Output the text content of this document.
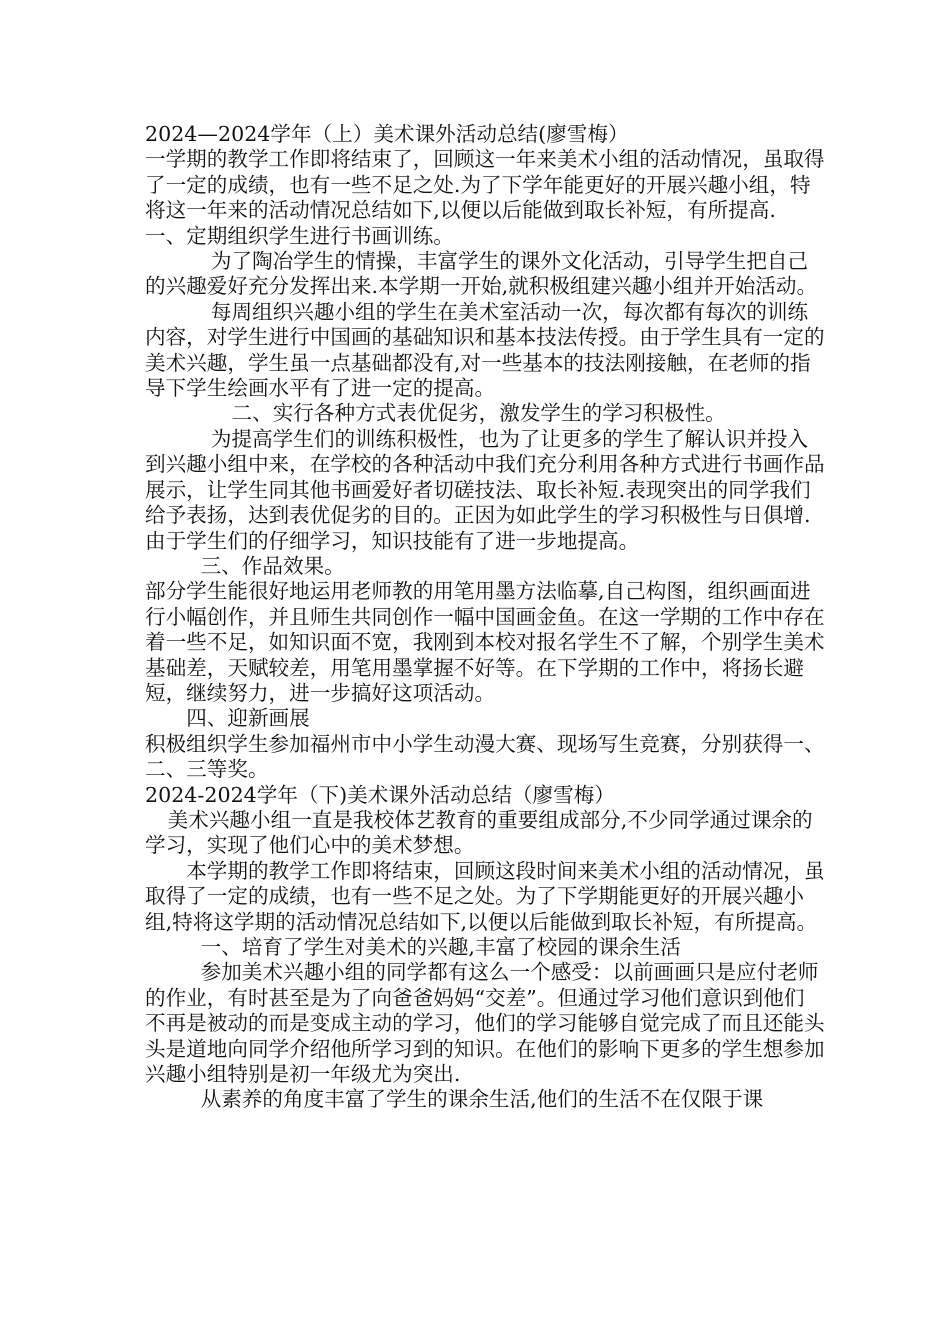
2024—2024学年（上）美术课外活动总结(廖雪梅）

一学期的教学工作即将结束了，回顾这一年来美术小组的活动情况，虽取得了一定的成绩，也有一些不足之处.为了下学年能更好的开展兴趣小组，特将这一年来的活动情况总结如下,以便以后能做到取长补短，有所提高.

一、定期组织学生进行书画训练。

为了陶冶学生的情操，丰富学生的课外文化活动，引导学生把自己的兴趣爱好充分发挥出来.本学期一开始,就积极组建兴趣小组并开始活动。

每周组织兴趣小组的学生在美术室活动一次，每次都有每次的训练内容，对学生进行中国画的基础知识和基本技法传授。由于学生具有一定的美术兴趣，学生虽一点基础都没有,对一些基本的技法刚接触，在老师的指导下学生绘画水平有了进一定的提高。

二、实行各种方式表优促劣，激发学生的学习积极性。

为提高学生们的训练积极性，也为了让更多的学生了解认识并投入到兴趣小组中来，在学校的各种活动中我们充分利用各种方式进行书画作品展示，让学生同其他书画爱好者切磋技法、取长补短.表现突出的同学我们给予表扬，达到表优促劣的目的。正因为如此学生的学习积极性与日俱增.由于学生们的仔细学习，知识技能有了进一步地提高。

三、作品效果。

部分学生能很好地运用老师教的用笔用墨方法临摹,自己构图，组织画面进行小幅创作，并且师生共同创作一幅中国画金鱼。在这一学期的工作中存在着一些不足，如知识面不宽，我刚到本校对报名学生不了解，个别学生美术基础差，天赋较差，用笔用墨掌握不好等。在下学期的工作中，将扬长避短，继续努力，进一步搞好这项活动。

四、迎新画展

积极组织学生参加福州市中小学生动漫大赛、现场写生竞赛，分别获得一、二、三等奖。

2024-2024学年（下)美术课外活动总结（廖雪梅）

美术兴趣小组一直是我校体艺教育的重要组成部分,不少同学通过课余的学习，实现了他们心中的美术梦想。

本学期的教学工作即将结束，回顾这段时间来美术小组的活动情况，虽取得了一定的成绩，也有一些不足之处。为了下学期能更好的开展兴趣小组,特将这学期的活动情况总结如下,以便以后能做到取长补短，有所提高。

一、培育了学生对美术的兴趣,丰富了校园的课余生活

参加美术兴趣小组的同学都有这么一个感受：以前画画只是应付老师的作业，有时甚至是为了向爸爸妈妈“交差”。但通过学习他们意识到他们不再是被动的而是变成主动的学习，他们的学习能够自觉完成了而且还能头头是道地向同学介绍他所学习到的知识。在他们的影响下更多的学生想参加兴趣小组特别是初一年级尤为突出.

从素养的角度丰富了学生的课余生活,他们的生活不在仅限于课
